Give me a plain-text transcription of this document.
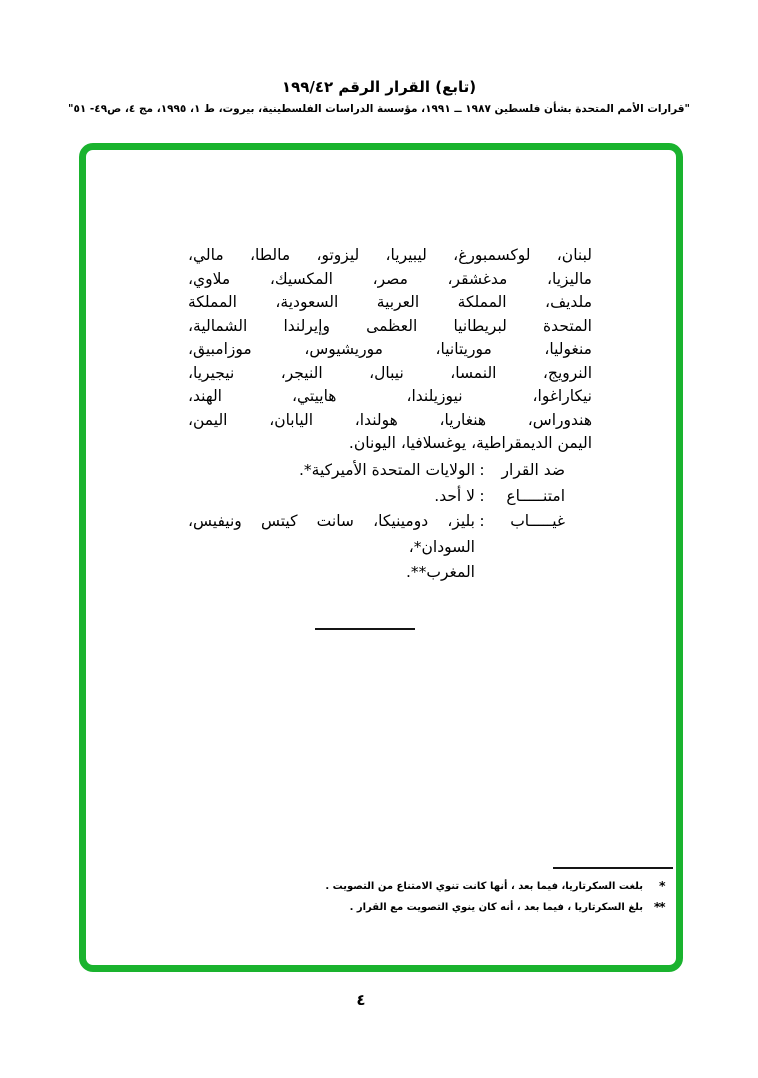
(تابع) القرار الرقم ١٩٩/٤٢
"قرارات الأمم المتحدة بشأن فلسطين ١٩٨٧ ــ ١٩٩١، مؤسسة الدراسات الفلسطينية، بيروت، ط ١، ١٩٩٥، مج ٤، ص٤٩- ٥١"
لبنان، لوكسمبورغ، ليبيريا، ليزوتو، مالطا، مالي،
ماليزيا، مدغشقر، مصر، المكسيك، ملاوي،
ملديف، المملكة العربية السعودية، المملكة
المتحدة لبريطانيا العظمى وإيرلندا الشمالية،
منغوليا، موريتانيا، موريشيوس، موزامبيق،
النرويج، النمسا، نيبال، النيجر، نيجيريا،
نيكاراغوا، نيوزيلندا، هاييتي، الهند،
هندوراس، هنغاريا، هولندا، اليابان، اليمن،
اليمن الديمقراطية، يوغسلافيا، اليونان.
ضد القرار
:
الولايات المتحدة الأميركية*.
امتنـــــاع
:
لا أحد.
غيـــــاب
:
بليز، دومينيكا، سانت كيتس ونيفيس، السودان*،
المغرب**.
*
بلغت السكرتاريا، فيما بعد ، أنها كانت تنوي الامتناع من التصويت .
**
بلغ السكرتاريا ، فيما بعد ، أنه كان ينوي التصويت مع القرار .
٤
